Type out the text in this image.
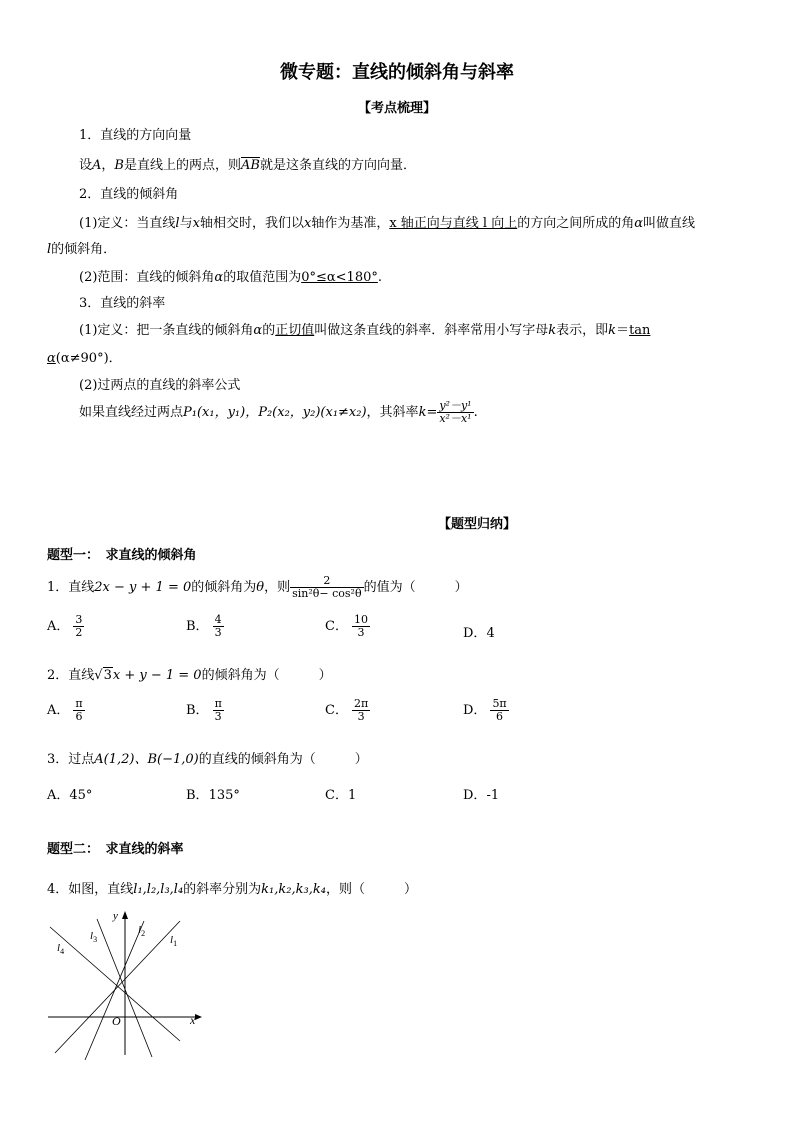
微专题：直线的倾斜角与斜率
【考点梳理】
1．直线的方向向量
设A，B是直线上的两点，则$\overline{AB}$就是这条直线的方向向量．
2．直线的倾斜角
(1)定义：当直线l与x轴相交时，我们以x轴作为基准，x 轴正向与直线 l 向上的方向之间所成的角α叫做直线
l的倾斜角．
(2)范围：直线的倾斜角α的取值范围为0°≤α<180°.
3．直线的斜率
(1)定义：把一条直线的倾斜角α的正切值叫做这条直线的斜率．斜率常用小写字母k表示，即k＝tan
α(α≠90°)．
(2)过两点的直线的斜率公式
如果直线经过两点P₁(x₁，y₁)，P₂(x₂，y₂)(x₁≠x₂)，其斜率$k= \frac{\text{y²－y¹}}{\text{x²－x¹}}$ .
【题型归纳】
题型一：　求直线的倾斜角
1．直线2x − y + 1 = 0的倾斜角为θ，则 $\frac{2}{\text{sin²θ− cos²θ}}$ 的值为（　　　）
A． $\frac{3}{2}$	B． $\frac{4}{3}$	C． $\frac{10}{3}$	D．4
2．直线√3x + y − 1 = 0的倾斜角为（　　　）
A． $\frac{\pi}{6}$	B． $\frac{\pi}{3}$	C． $\frac{2\pi}{3}$	D． $\frac{5\pi}{6}$
3．过点A(1,2)、B(−1,0)的直线的倾斜角为（　　　）
A．45°	B．135°	C．1	D．-1
题型二：　求直线的斜率
4．如图，直线l₁,l₂,l₃,l₄的斜率分别为k₁,k₂,k₃,k₄，则（　　　）
y
x
O
$l_1$
$l_2$
$l_3$
$l_4$
